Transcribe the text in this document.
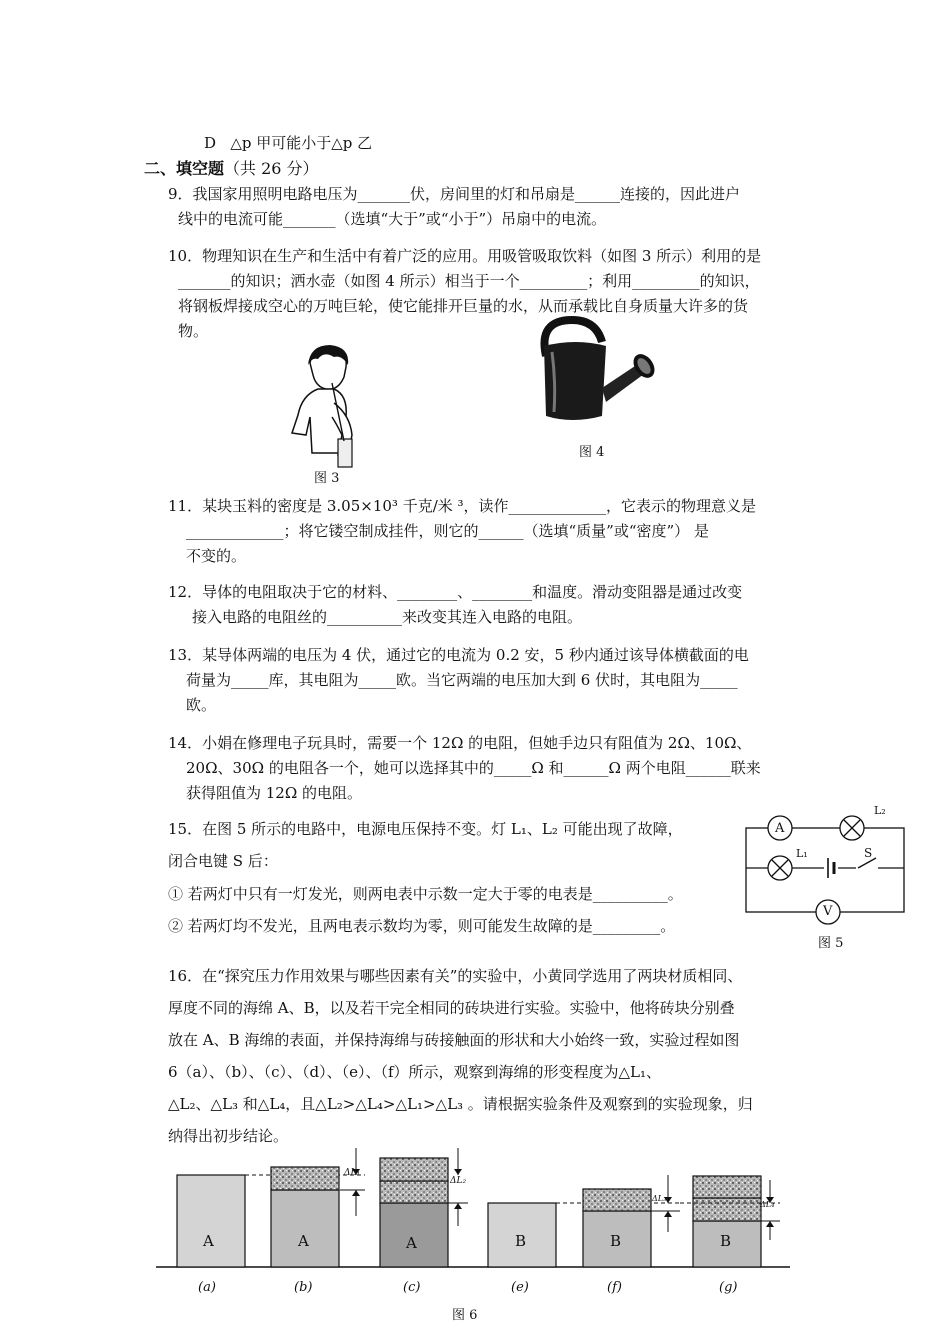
D △p 甲可能小于△p 乙
二、填空题（共 26 分）
9．我国家用照明电路电压为_______伏，房间里的灯和吊扇是______连接的，因此进户
线中的电流可能_______（选填“大于”或“小于”）吊扇中的电流。
10．物理知识在生产和生活中有着广泛的应用。用吸管吸取饮料（如图 3 所示）利用的是
_______的知识；洒水壶（如图 4 所示）相当于一个_________；利用_________的知识，
将钢板焊接成空心的万吨巨轮，使它能排开巨量的水，从而承载比自身质量大许多的货
物。
图 3
图 4
11．某块玉料的密度是 3.05×10³ 千克/米 ³，读作_____________，它表示的物理意义是
_____________；将它镂空制成挂件，则它的______（选填“质量”或“密度”） 是
不变的。
12．导体的电阻取决于它的材料、________、________和温度。滑动变阻器是通过改变
接入电路的电阻丝的__________来改变其连入电路的电阻。
13．某导体两端的电压为 4 伏，通过它的电流为 0.2 安，5 秒内通过该导体横截面的电
荷量为_____库，其电阻为_____欧。当它两端的电压加大到 6 伏时，其电阻为_____
欧。
14．小娟在修理电子玩具时，需要一个 12Ω 的电阻，但她手边只有阻值为 2Ω、10Ω、
20Ω、30Ω 的电阻各一个，她可以选择其中的_____Ω 和______Ω 两个电阻______联来
获得阻值为 12Ω 的电阻。
15．在图 5 所示的电路中，电源电压保持不变。灯 L₁、L₂ 可能出现了故障，
闭合电键 S 后：
① 若两灯中只有一灯发光，则两电表中示数一定大于零的电表是__________。
② 若两灯均不发光，且两电表示数均为零，则可能发生故障的是_________。
A
V
L₂
L₁	S
图 5
16．在“探究压力作用效果与哪些因素有关”的实验中，小黄同学选用了两块材质相同、
厚度不同的海绵 A、B，以及若干完全相同的砖块进行实验。实验中，他将砖块分别叠
放在 A、B 海绵的表面，并保持海绵与砖接触面的形状和大小始终一致，实验过程如图
6（a）、（b）、（c）、（d）、（e）、（f）所示，观察到海绵的形变程度为△L₁、
△L₂、△L₃ 和△L₄，且△L₂>△L₄>△L₁>△L₃ 。请根据实验条件及观察到的实验现象，归
纳得出初步结论。
A	A	A	B	B	B
ΔL₁
ΔL₂
ΔL₃
ΔL₄
(a)	(b)	(c)	(e)	(f)	(g)
图 6
